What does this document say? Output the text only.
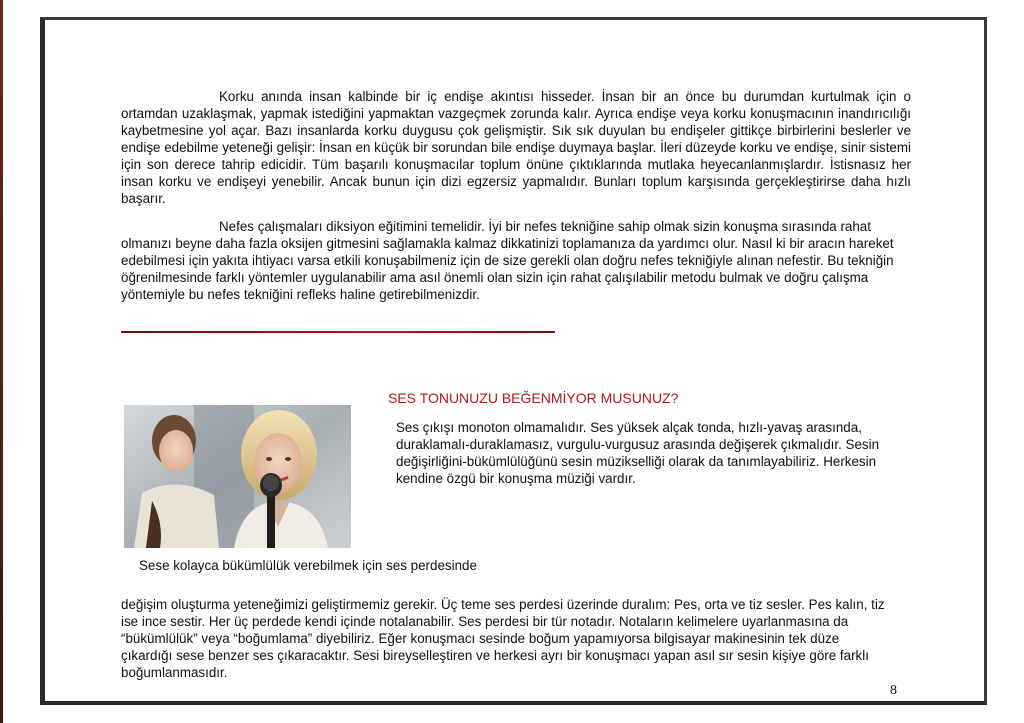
Korku anında insan kalbinde bir iç endişe akıntısı hisseder. İnsan bir an önce bu durumdan kurtulmak için o ortamdan uzaklaşmak, yapmak istediğini yapmaktan vazgeçmek zorunda kalır. Ayrıca endişe veya korku konuşmacının inandırıcılığı kaybetmesine yol açar. Bazı insanlarda korku duygusu çok gelişmiştir. Sık sık duyulan bu endişeler gittikçe birbirlerini beslerler ve endişe edebilme yeteneği gelişir: İnsan en küçük bir sorundan bile endişe duymaya başlar. İleri düzeyde korku ve endişe, sinir sistemi için son derece tahrip edicidir. Tüm başarılı konuşmacılar toplum önüne çıktıklarında mutlaka heyecanlanmışlardır. İstisnasız her insan korku ve endişeyi yenebilir. Ancak bunun için dizi egzersiz yapmalıdır. Bunları toplum karşısında gerçekleştirirse daha hızlı başarır.

Nefes çalışmaları diksiyon eğitimini temelidir. İyi bir nefes tekniğine sahip olmak sizin konuşma sırasında rahat olmanızı beyne daha fazla oksijen gitmesini sağlamakla kalmaz dikkatinizi toplamanıza da yardımcı olur. Nasıl ki bir aracın hareket edebilmesi için yakıta ihtiyacı varsa etkili konuşabilmeniz için de size gerekli olan doğru nefes tekniğiyle alınan nefestir. Bu tekniğin öğrenilmesinde farklı yöntemler uygulanabilir ama asıl önemli olan sizin için rahat çalışılabilir metodu bulmak ve doğru çalışma yöntemiyle bu nefes tekniğini refleks haline getirebilmenizdir.

SES TONUNUZU BEĞENMİYOR MUSUNUZ?

Ses çıkışı monoton olmamalıdır. Ses yüksek alçak tonda, hızlı-yavaş arasında, duraklamalı-duraklamasız, vurgulu-vurgusuz arasında değişerek çıkmalıdır. Sesin değişirliğini-bükümlülüğünü sesin müzikselliği olarak da tanımlayabiliriz. Herkesin kendine özgü bir konuşma müziği vardır.

Sese kolayca bükümlülük verebilmek için ses perdesinde

değişim oluşturma yeteneğimizi geliştirmemiz gerekir. Üç teme ses perdesi üzerinde duralım: Pes, orta ve tiz sesler. Pes kalın, tiz ise ince sestir. Her üç perdede kendi içinde notalanabilir. Ses perdesi bir tür notadır. Notaların kelimelere uyarlanmasına da “bükümlülük” veya “boğumlama” diyebiliriz. Eğer konuşmacı sesinde boğum yapamıyorsa bilgisayar makinesinin tek düze çıkardığı sese benzer ses çıkaracaktır. Sesi bireyselleştiren ve herkesi ayrı bir konuşmacı yapan asıl sır sesin kişiye göre farklı boğumlanmasıdır.

8
